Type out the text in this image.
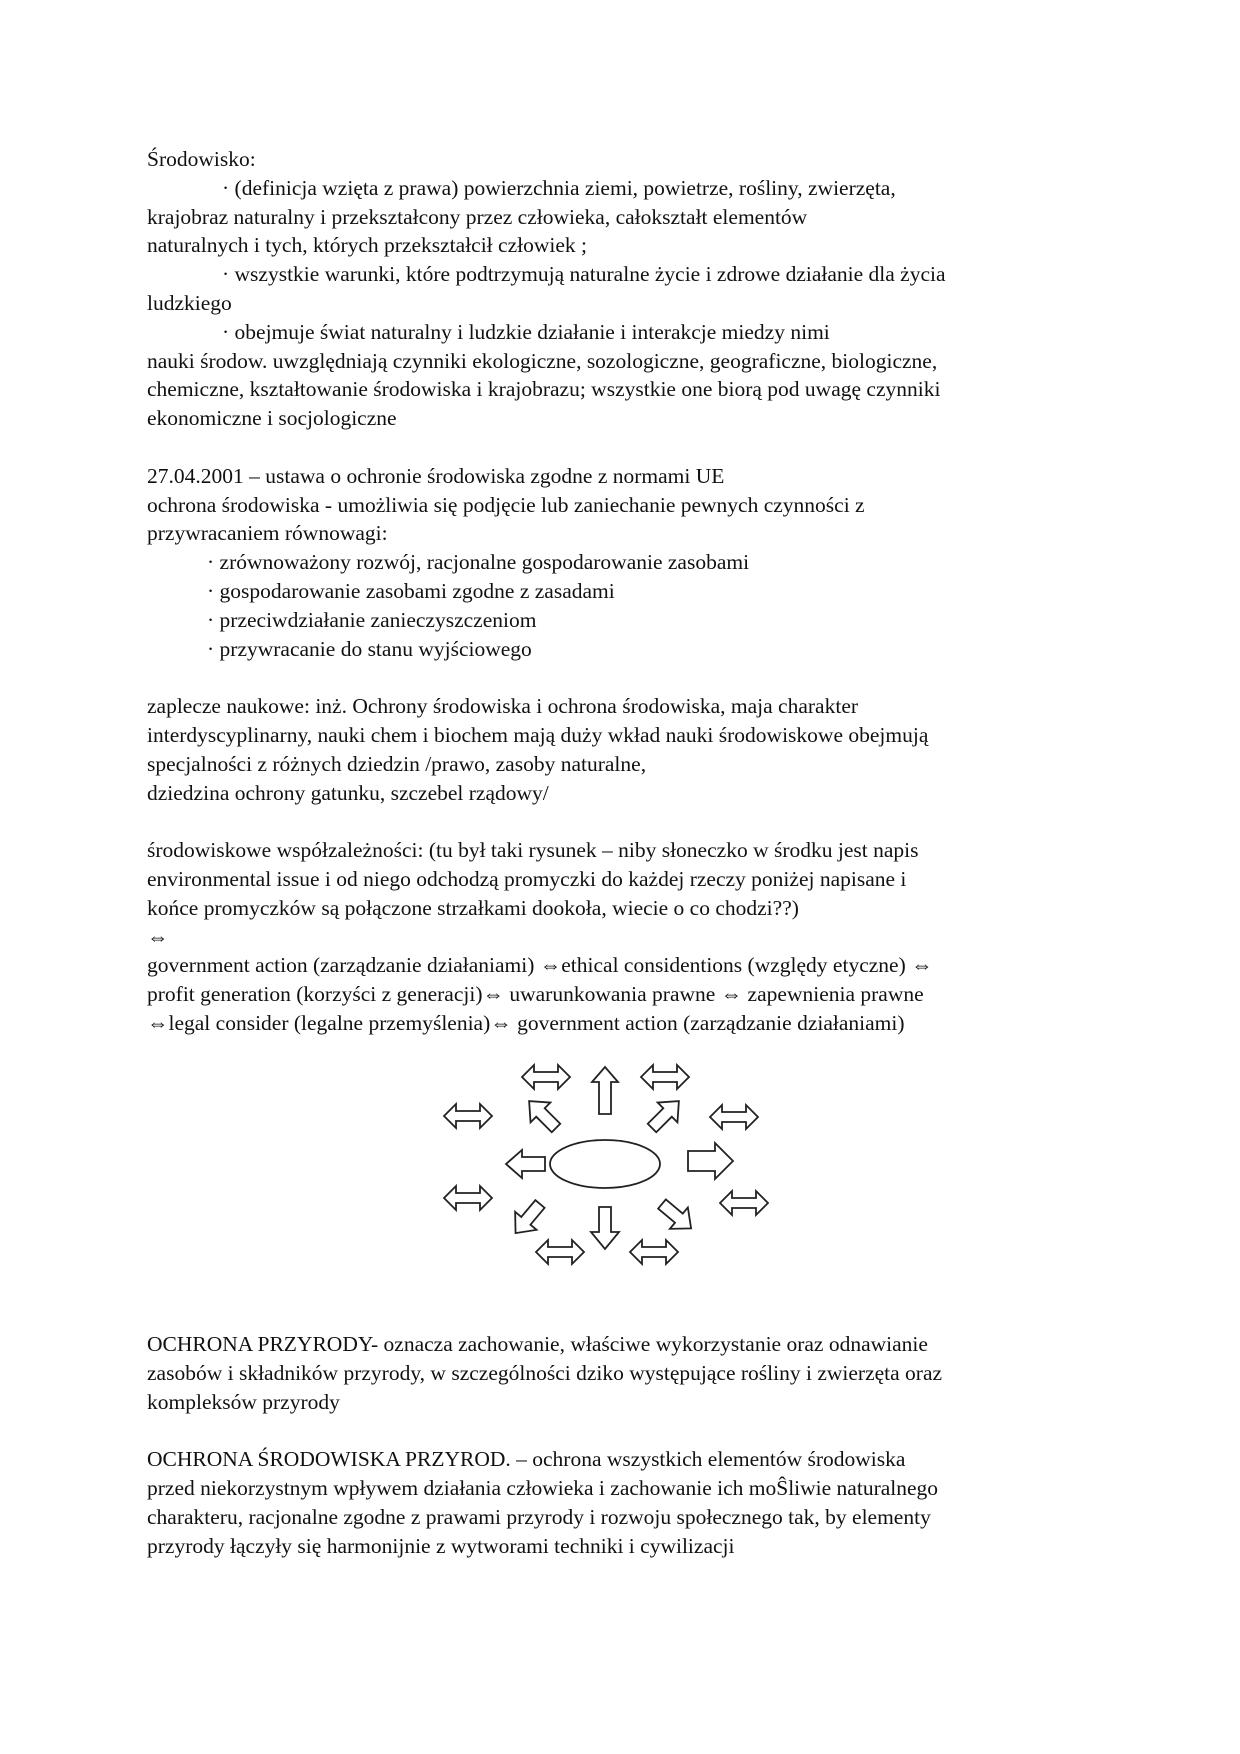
Środowisko:
· (definicja wzięta z prawa) powierzchnia ziemi, powietrze, rośliny, zwierzęta,
krajobraz naturalny i przekształcony przez człowieka, całokształt elementów
naturalnych i tych, których przekształcił człowiek ;
· wszystkie warunki, które podtrzymują naturalne życie i zdrowe działanie dla życia
ludzkiego
· obejmuje świat naturalny i ludzkie działanie i interakcje miedzy nimi
nauki środow. uwzględniają czynniki ekologiczne, sozologiczne, geograficzne, biologiczne,
chemiczne, kształtowanie środowiska i krajobrazu; wszystkie one biorą pod uwagę czynniki
ekonomiczne i socjologiczne
27.04.2001 – ustawa o ochronie środowiska zgodne z normami UE
ochrona środowiska - umożliwia się podjęcie lub zaniechanie pewnych czynności z
przywracaniem równowagi:
· zrównoważony rozwój, racjonalne gospodarowanie zasobami
· gospodarowanie zasobami zgodne z zasadami
· przeciwdziałanie zanieczyszczeniom
· przywracanie do stanu wyjściowego
zaplecze naukowe: inż. Ochrony środowiska i ochrona środowiska, maja charakter
interdyscyplinarny, nauki chem i biochem mają duży wkład nauki środowiskowe obejmują
specjalności z różnych dziedzin /prawo, zasoby naturalne,
dziedzina ochrony gatunku, szczebel rządowy/
środowiskowe współzależności: (tu był taki rysunek – niby słoneczko w środku jest napis
environmental issue i od niego odchodzą promyczki do każdej rzeczy poniżej napisane i
końce promyczków są połączone strzałkami dookoła, wiecie o co chodzi??)
⇔
government action (zarządzanie działaniami) ⇔ethical considentions (względy etyczne) ⇔
profit generation (korzyści z generacji)⇔ uwarunkowania prawne ⇔ zapewnienia prawne
⇔legal consider (legalne przemyślenia)⇔ government action (zarządzanie działaniami)
OCHRONA PRZYRODY- oznacza zachowanie, właściwe wykorzystanie oraz odnawianie
zasobów i składników przyrody, w szczególności dziko występujące rośliny i zwierzęta oraz
kompleksów przyrody
OCHRONA ŚRODOWISKA PRZYROD. – ochrona wszystkich elementów środowiska
przed niekorzystnym wpływem działania człowieka i zachowanie ich moŜliwie naturalnego
charakteru, racjonalne zgodne z prawami przyrody i rozwoju społecznego tak, by elementy
przyrody łączyły się harmonijnie z wytworami techniki i cywilizacji
